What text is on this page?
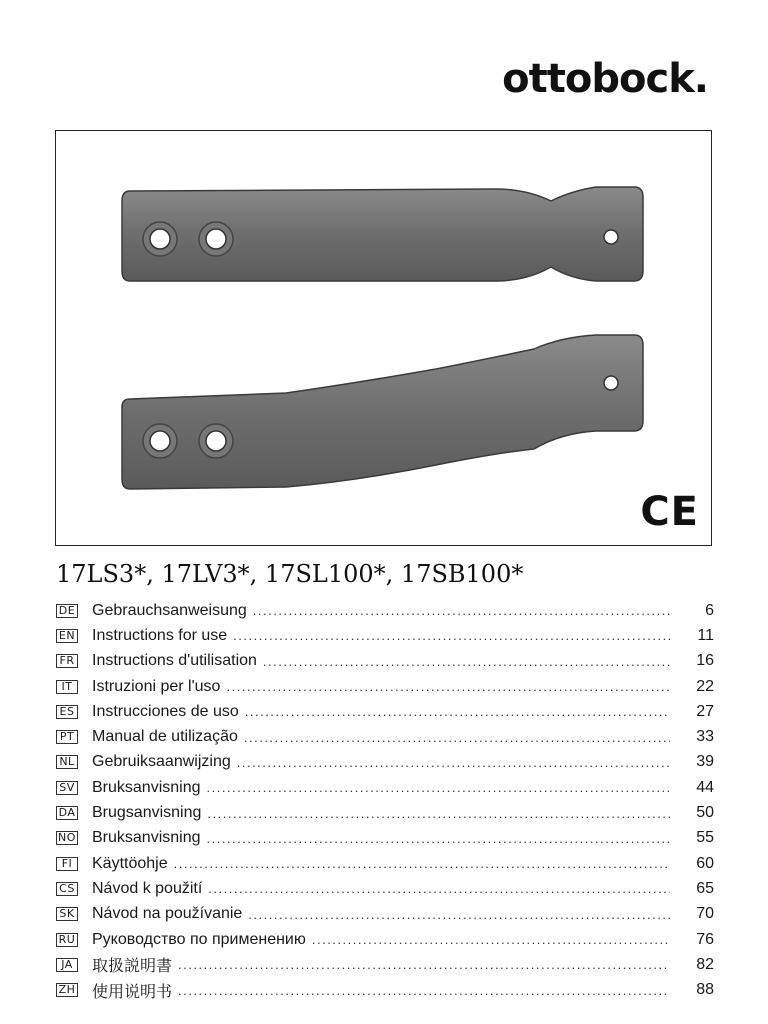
ottobock.
CE
17LS3*, 17LV3*, 17SL100*, 17SB100*
DE Gebrauchsanweisung .....	6
EN Instructions for use .....	11
FR Instructions d'utilisation .....	16
IT	Istruzioni per l'uso .....	22
ES Instrucciones de uso .....	27
PT Manual de utilização .....	33
NL Gebruiksaanwijzing .....	39
SV Bruksanvisning .....	44
DA Brugsanvisning .....	50
NO Bruksanvisning .....	55
FI	Käyttöohje .....	60
CS Návod k použití .....	65
SK Návod na používanie .....	70
RU Руководство по применению .....	76
JA	取扱説明書 .....	82
ZH 使用说明书 .....	88
